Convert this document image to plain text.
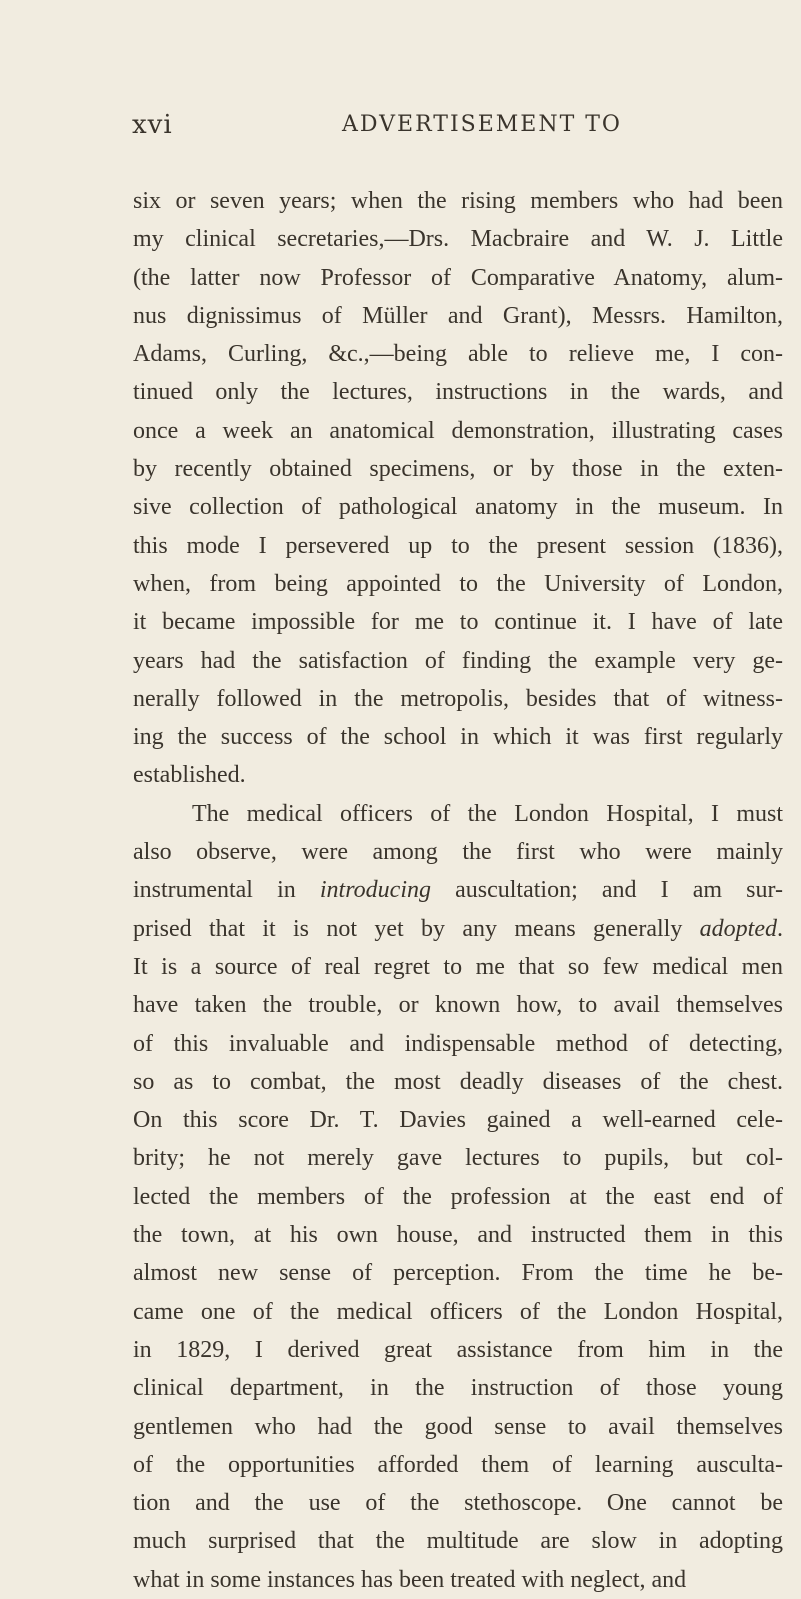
xvi	ADVERTISEMENT TO
six or seven years; when the rising members who had been
my clinical secretaries,—Drs. Macbraire and W. J. Little
(the latter now Professor of Comparative Anatomy, alum-
nus dignissimus of Müller and Grant), Messrs. Hamilton,
Adams, Curling, &c.,—being able to relieve me, I con-
tinued only the lectures, instructions in the wards, and
once a week an anatomical demonstration, illustrating cases
by recently obtained specimens, or by those in the exten-
sive collection of pathological anatomy in the museum. In
this mode I persevered up to the present session (1836),
when, from being appointed to the University of London,
it became impossible for me to continue it. I have of late
years had the satisfaction of finding the example very ge-
nerally followed in the metropolis, besides that of witness-
ing the success of the school in which it was first regularly
established.
The medical officers of the London Hospital, I must
also observe, were among the first who were mainly
instrumental in introducing auscultation; and I am sur-
prised that it is not yet by any means generally adopted.
It is a source of real regret to me that so few medical men
have taken the trouble, or known how, to avail themselves
of this invaluable and indispensable method of detecting,
so as to combat, the most deadly diseases of the chest.
On this score Dr. T. Davies gained a well-earned cele-
brity; he not merely gave lectures to pupils, but col-
lected the members of the profession at the east end of
the town, at his own house, and instructed them in this
almost new sense of perception. From the time he be-
came one of the medical officers of the London Hospital,
in 1829, I derived great assistance from him in the
clinical department, in the instruction of those young
gentlemen who had the good sense to avail themselves
of the opportunities afforded them of learning ausculta-
tion and the use of the stethoscope. One cannot be
much surprised that the multitude are slow in adopting
what in some instances has been treated with neglect, and
